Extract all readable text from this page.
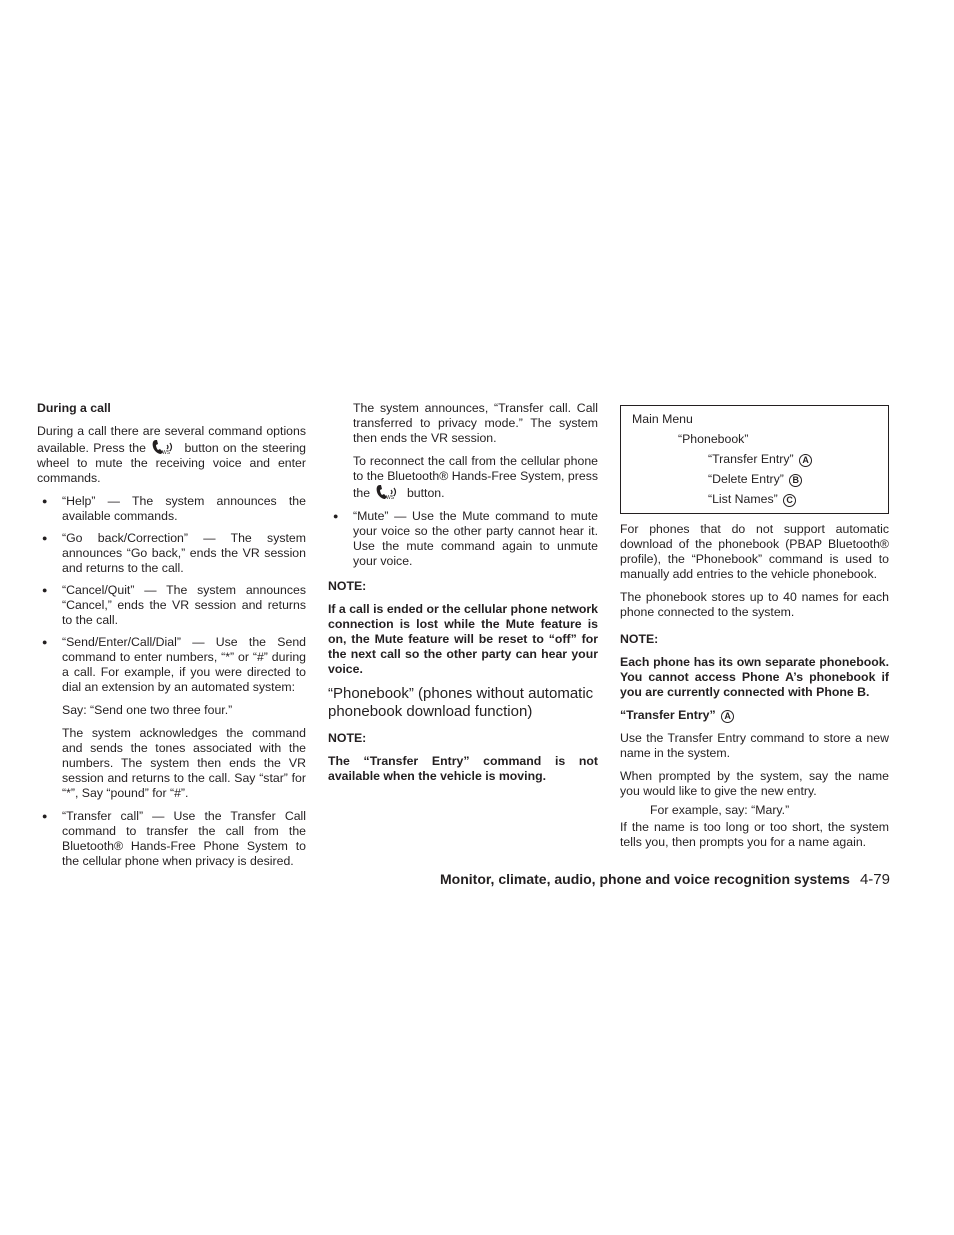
During a call

During a call there are several command options available. Press the	WS button on the steering wheel to mute the receiving voice and enter commands.

● “Help” — The system announces the available commands.
● “Go back/Correction” — The system announces “Go back,” ends the VR session and returns to the call.
● “Cancel/Quit” — The system announces “Cancel,” ends the VR session and returns to the call.
● “Send/Enter/Call/Dial” — Use the Send command to enter numbers, “*” or “#” during a call. For example, if you were directed to dial an extension by an automated system:

Say: “Send one two three four.”

The system acknowledges the command and sends the tones associated with the numbers. The system then ends the VR session and returns to the call. Say “star” for “*”, Say “pound” for “#”.

● “Transfer call” — Use the Transfer Call command to transfer the call from the Bluetooth® Hands-Free Phone System to the cellular phone when privacy is desired.

The system announces, “Transfer call. Call transferred to privacy mode.” The system then ends the VR session.

To reconnect the call from the cellular phone to the Bluetooth® Hands-Free System, press the	WS button.

● “Mute” — Use the Mute command to mute your voice so the other party cannot hear it. Use the mute command again to unmute your voice.
NOTE:

If a call is ended or the cellular phone network connection is lost while the Mute feature is on, the Mute feature will be reset to “off” for the next call so the other party can hear your voice.

“Phonebook” (phones without automatic phonebook download function)
NOTE:

The “Transfer Entry” command is not available when the vehicle is moving.

Main Menu
“Phonebook”
“Transfer Entry” A
“Delete Entry” B
“List Names” C

For phones that do not support automatic download of the phonebook (PBAP Bluetooth® profile), the “Phonebook” command is used to manually add entries to the vehicle phonebook.

The phonebook stores up to 40 names for each phone connected to the system.

NOTE:

Each phone has its own separate phonebook. You cannot access Phone A’s phonebook if you are currently connected with Phone B.

“Transfer Entry” A

Use the Transfer Entry command to store a new name in the system.

When prompted by the system, say the name you would like to give the new entry.

For example, say: “Mary.”

If the name is too long or too short, the system tells you, then prompts you for a name again.

Monitor, climate, audio, phone and voice recognition systems 4-79
